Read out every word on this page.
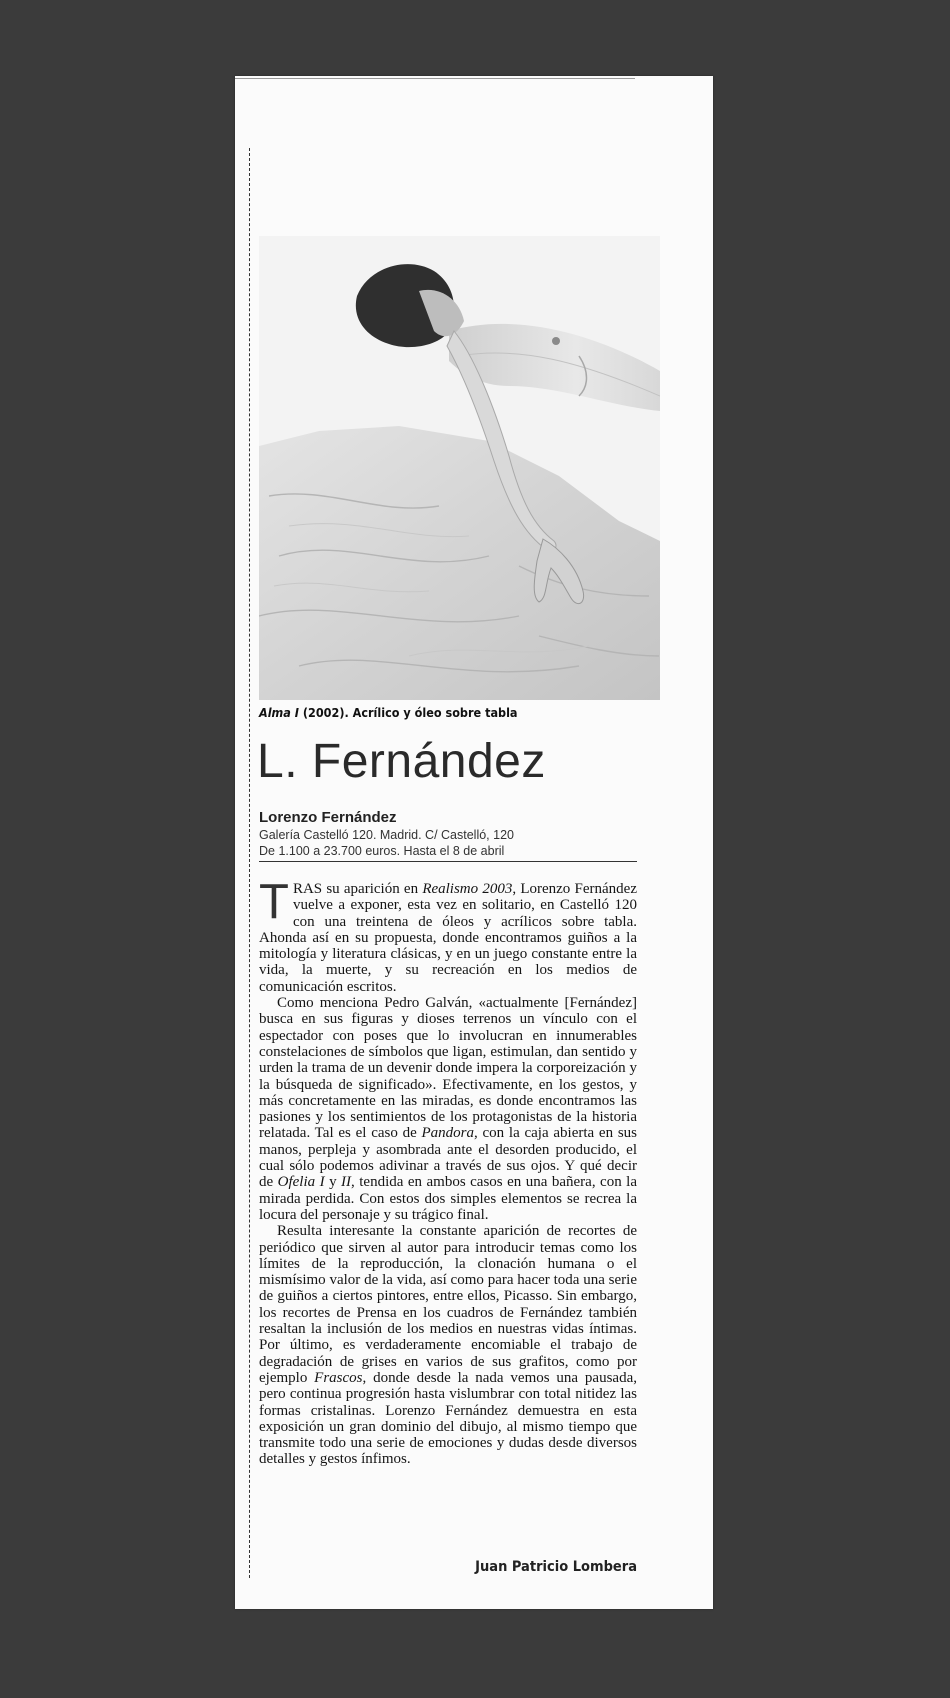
Alma I (2002). Acrílico y óleo sobre tabla
L. Fernández
Lorenzo Fernández
Galería Castelló 120. Madrid. C/ Castelló, 120
De 1.100 a 23.700 euros. Hasta el 8 de abril

TRAS su aparición en Realismo 2003, Lorenzo Fernández vuelve a exponer, esta vez en solitario, en Castelló 120 con una treintena de óleos y acrílicos sobre tabla. Ahonda así en su propuesta, donde encontramos guiños a la mitología y literatura clásicas, y en un juego constante entre la vida, la muerte, y su recreación en los medios de comunicación escritos.

Como menciona Pedro Galván, «actualmente [Fernández] busca en sus figuras y dioses terrenos un vínculo con el espectador con poses que lo involucran en innumerables constelaciones de símbolos que ligan, estimulan, dan sentido y urden la trama de un devenir donde impera la corporeización y la búsqueda de significado». Efectivamente, en los gestos, y más concretamente en las miradas, es donde encontramos las pasiones y los sentimientos de los protagonistas de la historia relatada. Tal es el caso de Pandora, con la caja abierta en sus manos, perpleja y asombrada ante el desorden producido, el cual sólo podemos adivinar a través de sus ojos. Y qué decir de Ofelia I y II, tendida en ambos casos en una bañera, con la mirada perdida. Con estos dos simples elementos se recrea la locura del personaje y su trágico final.

Resulta interesante la constante aparición de recortes de periódico que sirven al autor para introducir temas como los límites de la reproducción, la clonación humana o el mismísimo valor de la vida, así como para hacer toda una serie de guiños a ciertos pintores, entre ellos, Picasso. Sin embargo, los recortes de Prensa en los cuadros de Fernández también resaltan la inclusión de los medios en nuestras vidas íntimas. Por último, es verdaderamente encomiable el trabajo de degradación de grises en varios de sus grafitos, como por ejemplo Frascos, donde desde la nada vemos una pausada, pero continua progresión hasta vislumbrar con total nitidez las formas cristalinas. Lorenzo Fernández demuestra en esta exposición un gran dominio del dibujo, al mismo tiempo que transmite todo una serie de emociones y dudas desde diversos detalles y gestos ínfimos.

Juan Patricio Lombera
